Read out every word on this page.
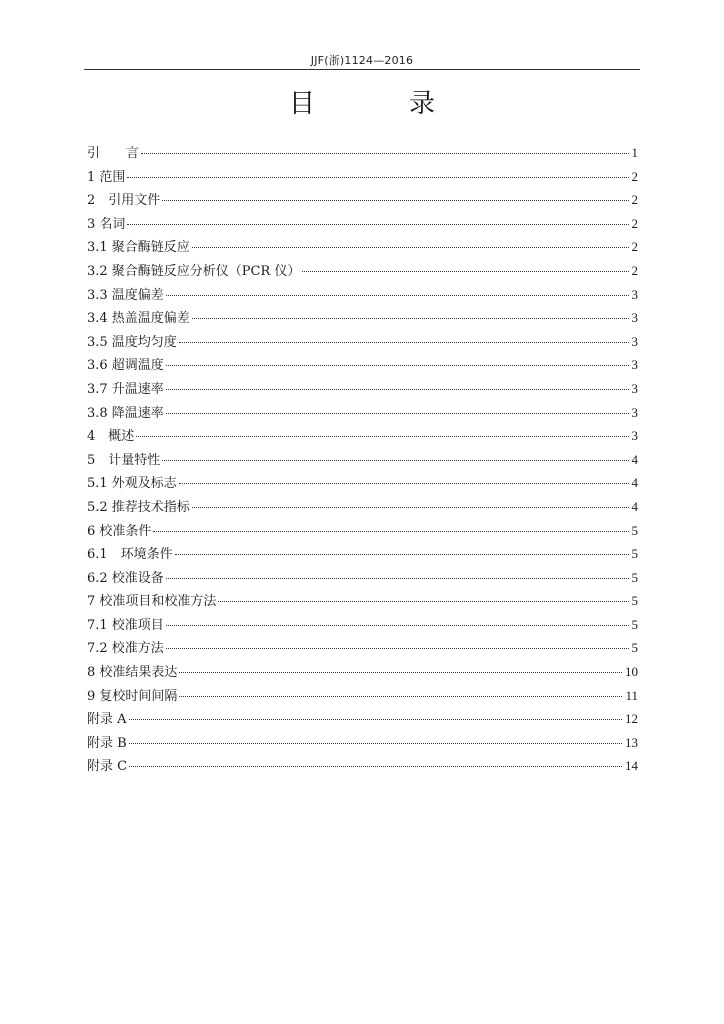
JJF(浙)1124—2016
目　录
引　　言	1
1 范围	2
2　引用文件	2
3 名词	2
3.1 聚合酶链反应	2
3.2 聚合酶链反应分析仪（PCR 仪）	2
3.3 温度偏差	3
3.4 热盖温度偏差	3
3.5 温度均匀度	3
3.6 超调温度	3
3.7 升温速率	3
3.8 降温速率	3
4　概述	3
5　计量特性	4
5.1 外观及标志	4
5.2 推荐技术指标	4
6 校准条件	5
6.1　环境条件	5
6.2 校准设备	5
7 校准项目和校准方法	5
7.1 校准项目	5
7.2 校准方法	5
8 校准结果表达	10
9 复校时间间隔	11
附录 A	12
附录 B	13
附录 C	14
